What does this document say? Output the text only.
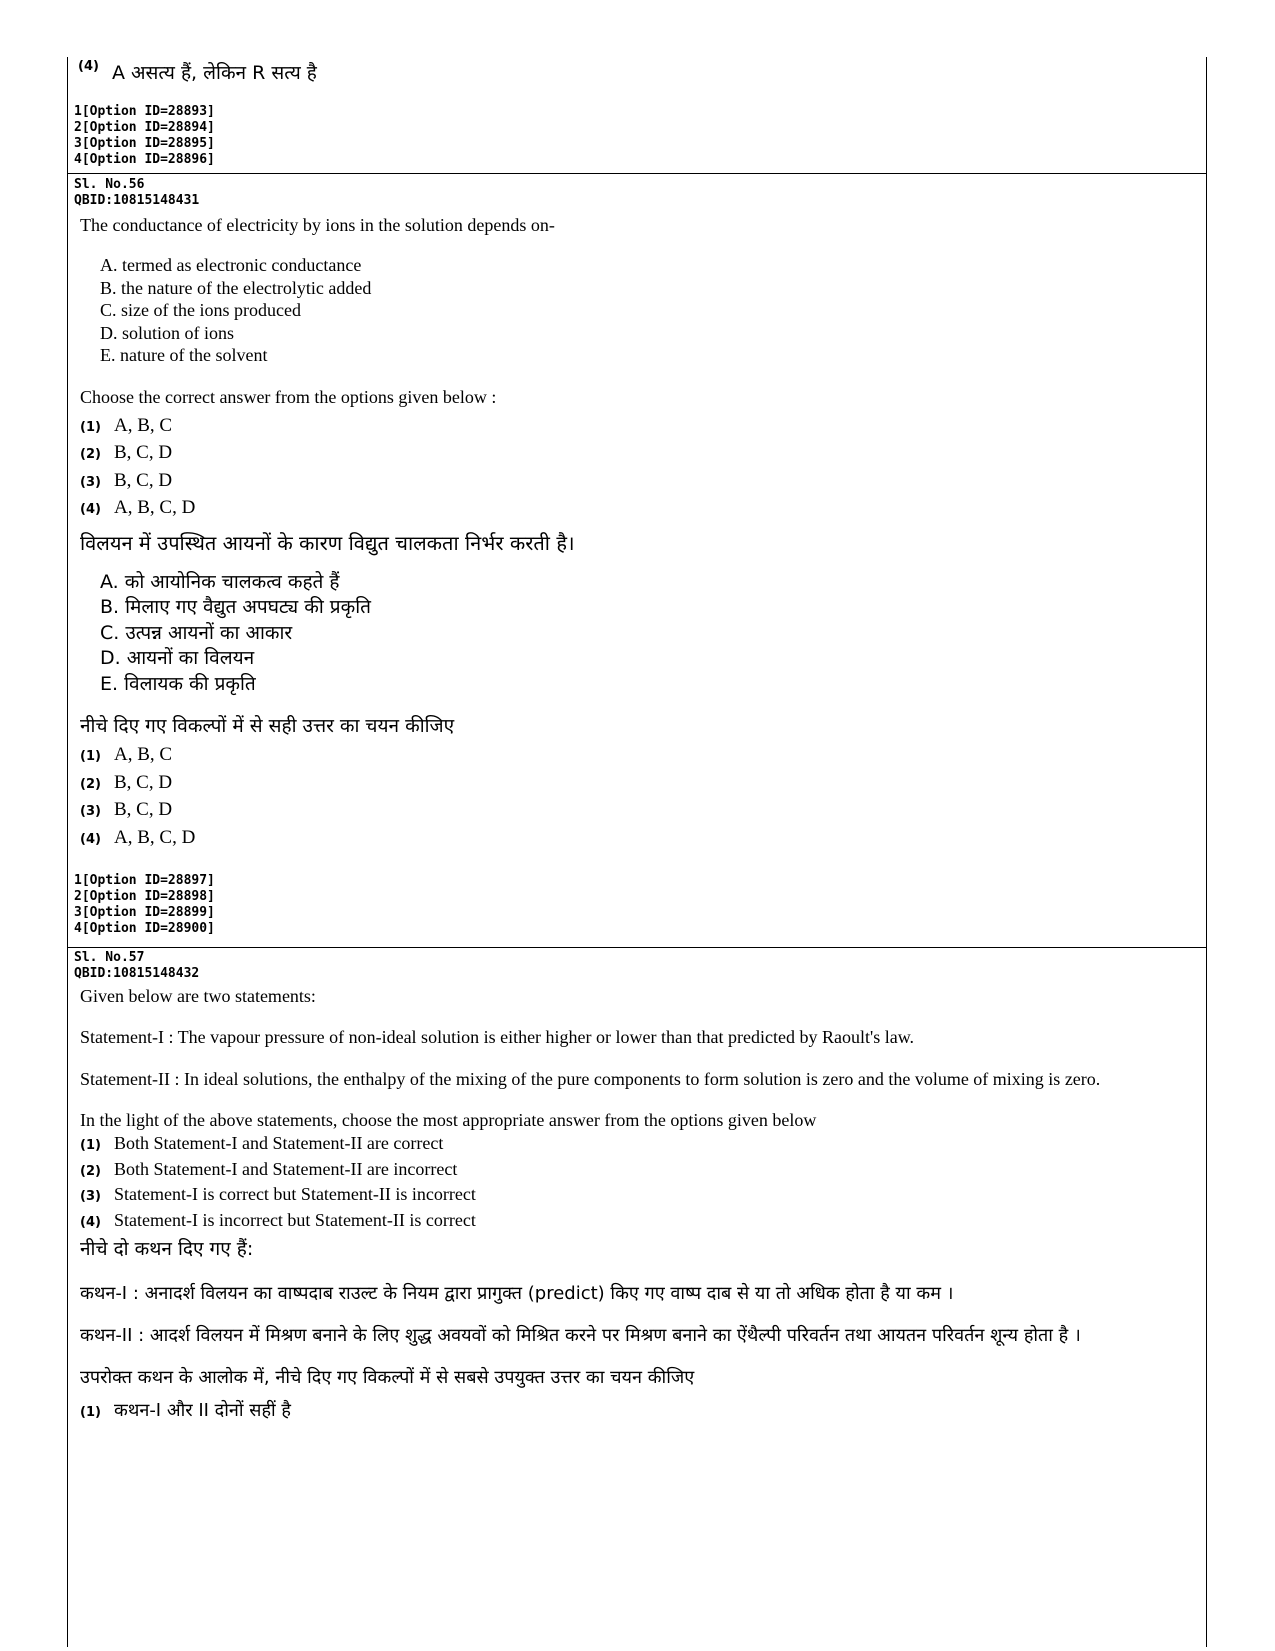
(4) A असत्य हैं, लेकिन R सत्य है
1[Option ID=28893]
2[Option ID=28894]
3[Option ID=28895]
4[Option ID=28896]
Sl. No.56
QBID:10815148431
The conductance of electricity by ions in the solution depends on-
A. termed as electronic conductance
B. the nature of the electrolytic added
C. size of the ions produced
D. solution of ions
E. nature of the solvent
Choose the correct answer from the options given below :
(1) A, B, C
(2) B, C, D
(3) B, C, D
(4) A, B, C, D
विलयन में उपस्थित आयनों के कारण विद्युत चालकता निर्भर करती है।
A. को आयोनिक चालकत्व कहते हैं
B. मिलाए गए वैद्युत अपघट्य की प्रकृति
C. उत्पन्न आयनों का आकार
D. आयनों का विलयन
E. विलायक की प्रकृति
नीचे दिए गए विकल्पों में से सही उत्तर का चयन कीजिए
(1) A, B, C
(2) B, C, D
(3) B, C, D
(4) A, B, C, D
1[Option ID=28897]
2[Option ID=28898]
3[Option ID=28899]
4[Option ID=28900]
Sl. No.57
QBID:10815148432
Given below are two statements:
Statement-I : The vapour pressure of non-ideal solution is either higher or lower than that predicted by Raoult's law.
Statement-II : In ideal solutions, the enthalpy of the mixing of the pure components to form solution is zero and the volume of mixing is zero.
In the light of the above statements, choose the most appropriate answer from the options given below
(1) Both Statement-I and Statement-II are correct
(2) Both Statement-I and Statement-II are incorrect
(3) Statement-I is correct but Statement-II is incorrect
(4) Statement-I is incorrect but Statement-II is correct
नीचे दो कथन दिए गए हैं:
कथन-I : अनादर्श विलयन का वाष्पदाब राउल्ट के नियम द्वारा प्रागुक्त (predict) किए गए वाष्प दाब से या तो अधिक होता है या कम ।
कथन-II : आदर्श विलयन में मिश्रण बनाने के लिए शुद्ध अवयवों को मिश्रित करने पर मिश्रण बनाने का ऐंथैल्पी परिवर्तन तथा आयतन परिवर्तन शून्य होता है ।
उपरोक्त कथन के आलोक में, नीचे दिए गए विकल्पों में से सबसे उपयुक्त उत्तर का चयन कीजिए
(1) कथन-I और II दोनों सहीं है
